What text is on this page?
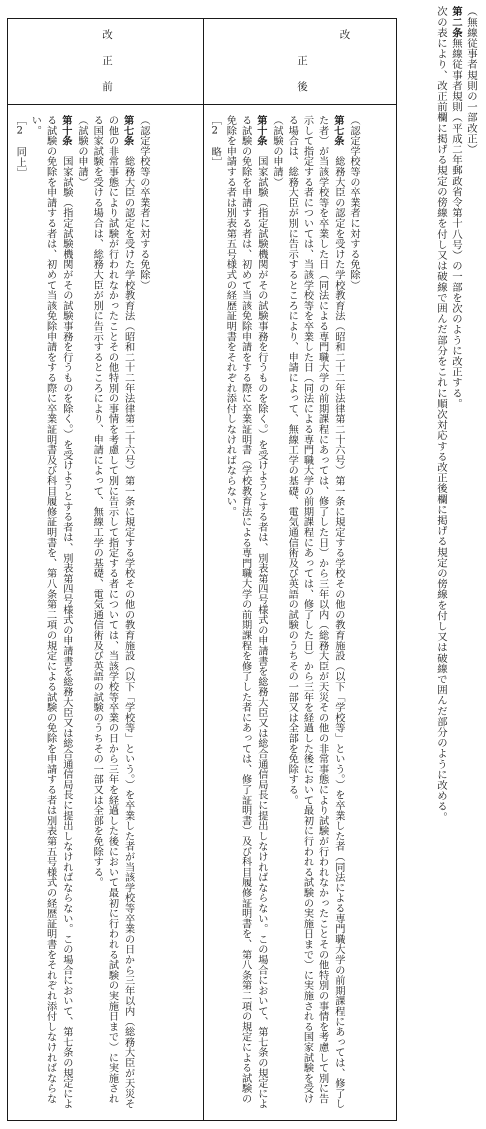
（無線従事者規則の一部改正）
第二条無線従事者規則（平成二年郵政省令第十八号）の一部を次のように改正する。
次の表により、改正前欄に掲げる規定の傍線を付し又は破線で囲んだ部分をこれに順次対応する改正後欄に掲げる規定の傍線を付し又は破線で囲んだ部分のように改める。
改
正
後
改
正
前
（認定学校等の卒業者に対する免除）
第七条　総務大臣の認定を受けた学校教育法（昭和二十二年法律第二十六号）第一条に規定する学校その他の教育施設（以下「学校等」という。）を卒業した者（同法による専門職大学の前期課程にあっては、修了した者）が当該学校等を卒業した日（同法による専門職大学の前期課程にあっては、修了した日）から三年以内（総務大臣が天災その他の非常事態により試験が行われなかったことその他特別の事情を考慮して別に告示して指定する者については、当該学校等を卒業した日（同法による専門職大学の前期課程にあっては、修了した日）から三年を経過した後において最初に行われる試験の実施日まで）に実施される国家試験を受ける場合は、総務大臣が別に告示するところにより、申請によって、無線工学の基礎、電気通信術及び英語の試験のうちその一部又は全部を免除する。
（試験の申請）
第十条　国家試験（指定試験機関がその試験事務を行うものを除く。）を受けようとする者は、別表第四号様式の申請書を総務大臣又は総合通信局長に提出しなければならない。この場合において、第七条の規定による試験の免除を申請する者は、初めて当該免除申請をする際に卒業証明書（学校教育法による専門職大学の前期課程を修了した者にあっては、修了証明書）及び科目履修証明書を、第八条第二項の規定による試験の免除を申請する者は別表第五号様式の経歴証明書をそれぞれ添付しなければならない。
［2　略］
（認定学校等の卒業者に対する免除）
第七条　総務大臣の認定を受けた学校教育法（昭和二十二年法律第二十六号）第一条に規定する学校その他の教育施設（以下「学校等」という。）を卒業した者が当該学校等卒業の日から三年以内（総務大臣が天災その他の非常事態により試験が行われなかったことその他特別の事情を考慮して別に告示して指定する者については、当該学校等卒業の日から三年を経過した後において最初に行われる試験の実施日まで）に実施される国家試験を受ける場合は、総務大臣が別に告示するところにより、申請によって、無線工学の基礎、電気通信術及び英語の試験のうちその一部又は全部を免除する。
（試験の申請）
第十条　国家試験（指定試験機関がその試験事務を行うものを除く。）を受けようとする者は、別表第四号様式の申請書を総務大臣又は総合通信局長に提出しなければならない。この場合において、第七条の規定による試験の免除を申請する者は、初めて当該免除申請をする際に卒業証明書及び科目履修証明書を、第八条第二項の規定による試験の免除を申請する者は別表第五号様式の経歴証明書をそれぞれ添付しなければならない。
［2　同上］
